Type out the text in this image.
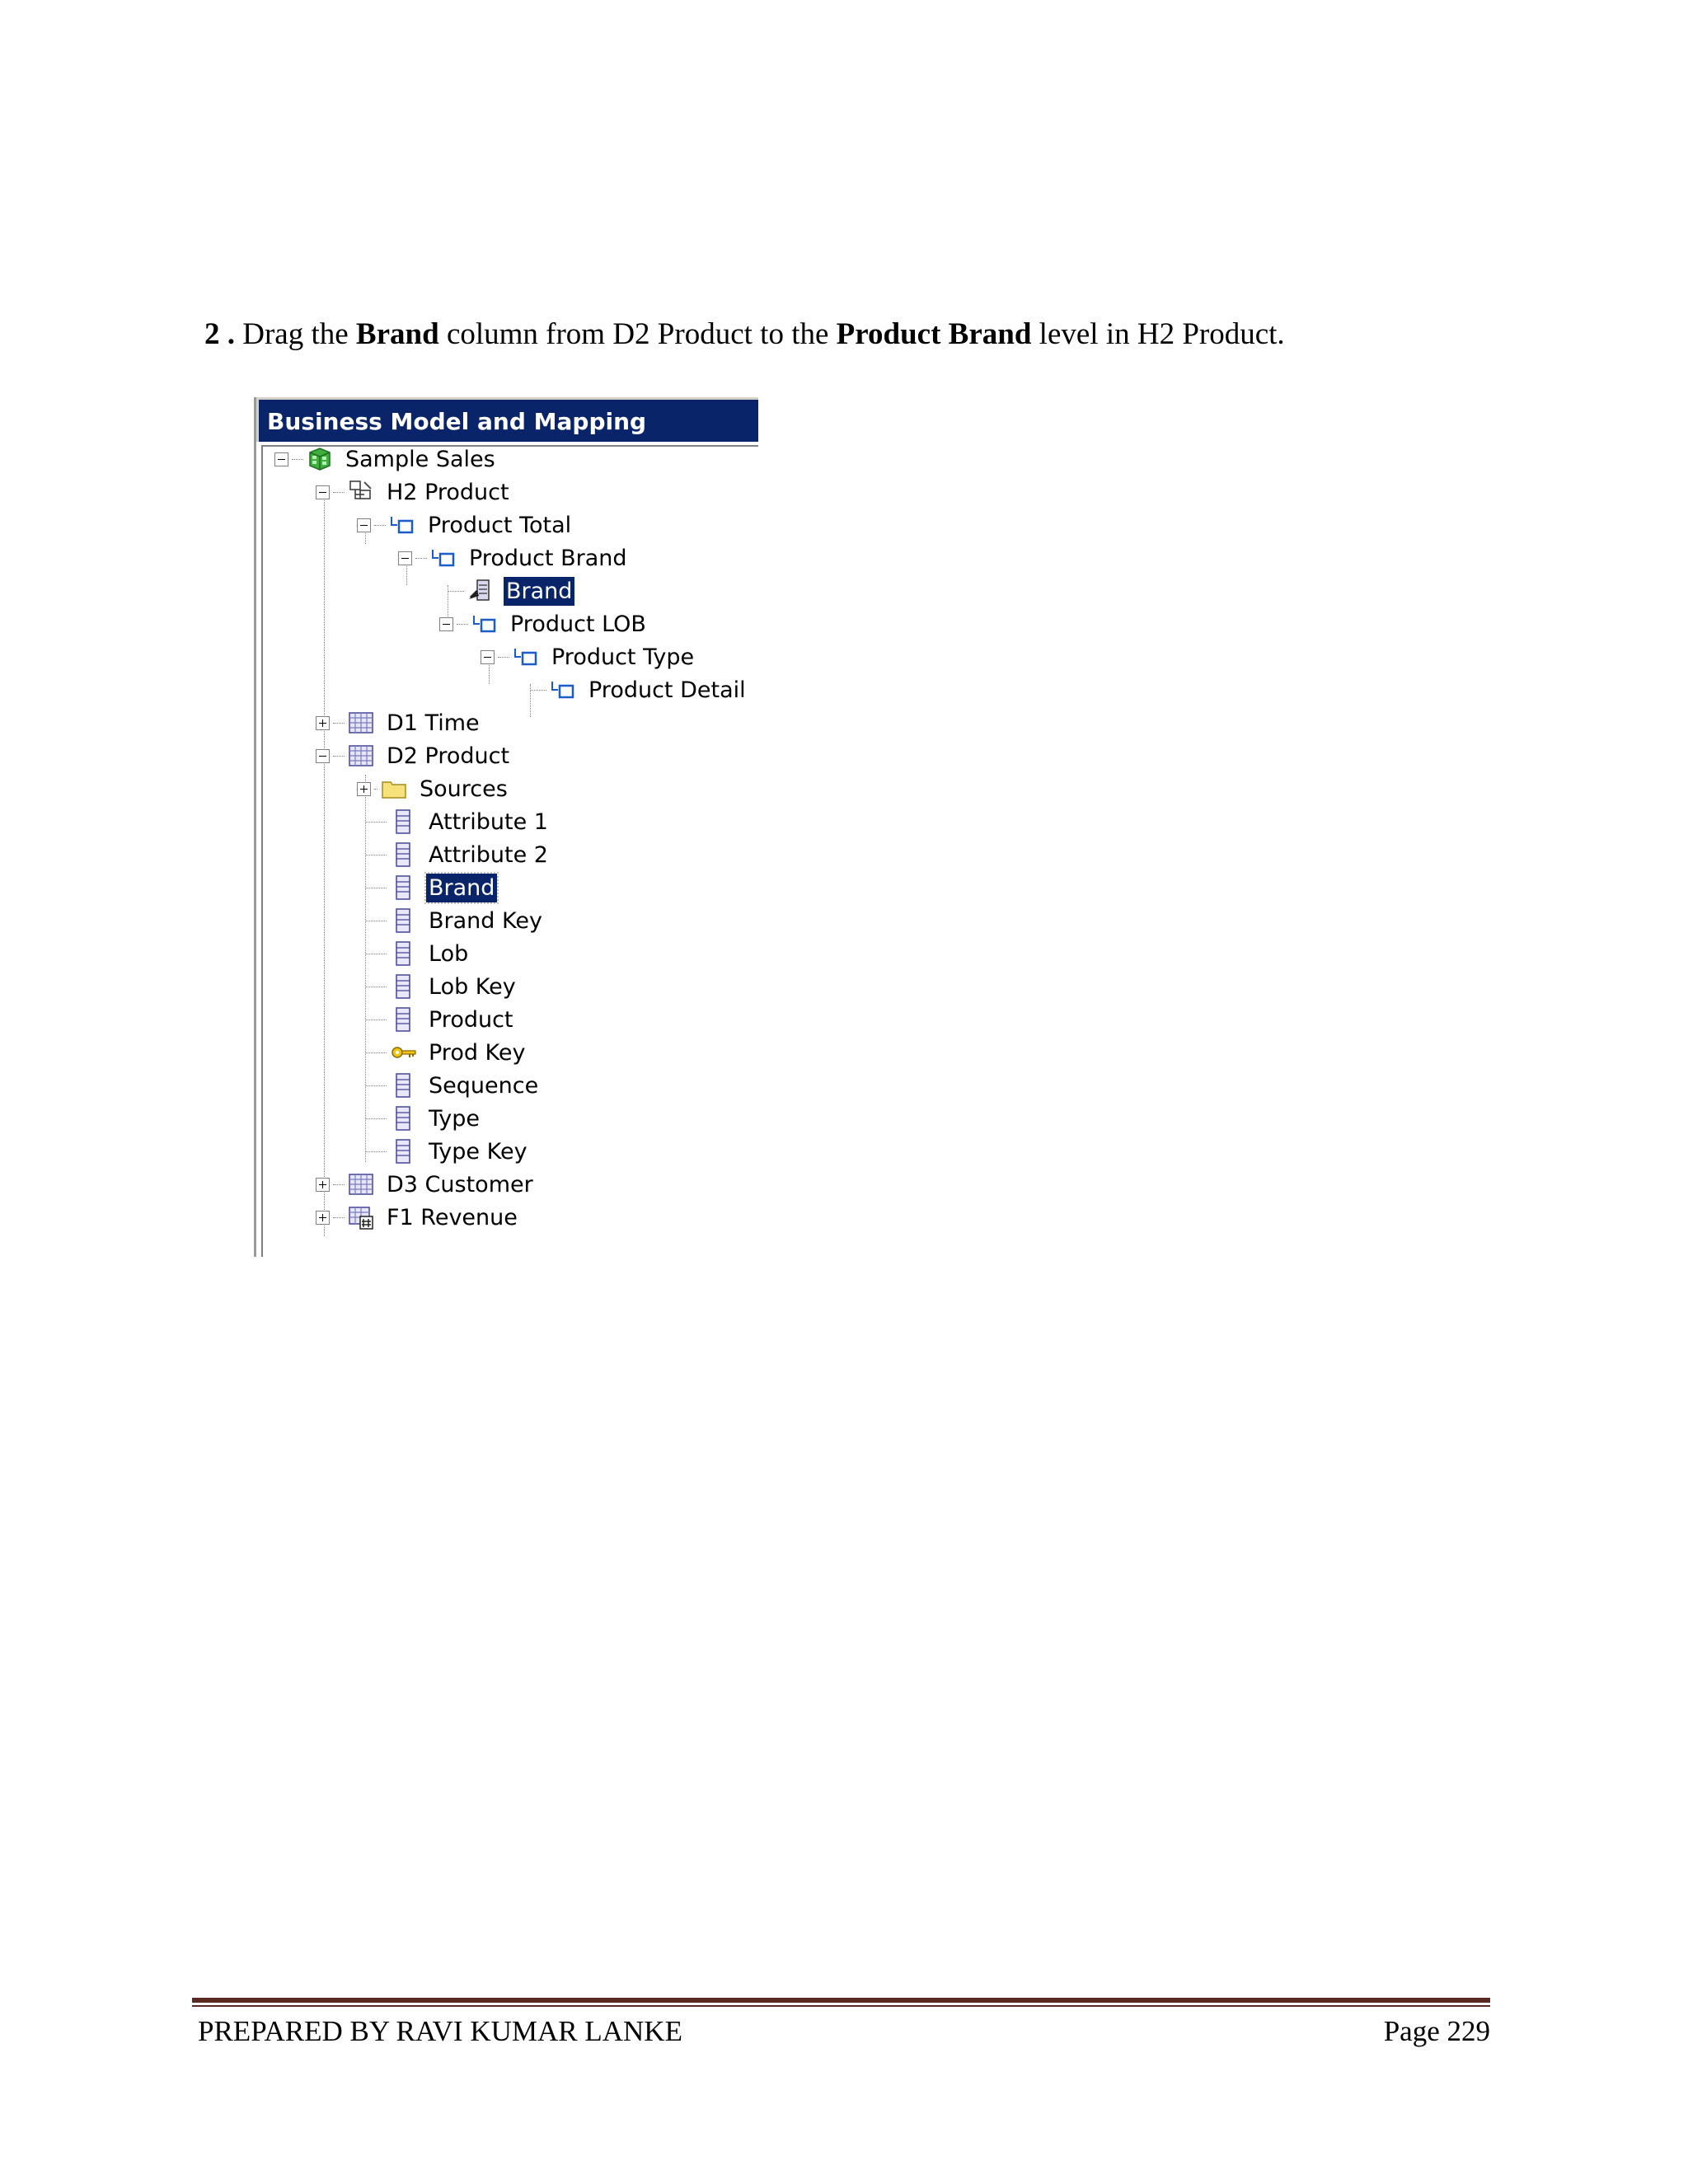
2 . Drag the Brand column from D2 Product to the Product Brand level in H2 Product.
Business Model and Mapping
Sample Sales
H2 Product
Product Total
Product Brand
Brand
Product LOB
Product Type
Product Detail
D1 Time
D2 Product
Sources
Attribute 1
Attribute 2
Brand
Brand Key
Lob
Lob Key
Product
Prod Key
Sequence
Type
Type Key
D3 Customer
F1 Revenue
PREPARED BY RAVI KUMAR LANKE	Page 229
